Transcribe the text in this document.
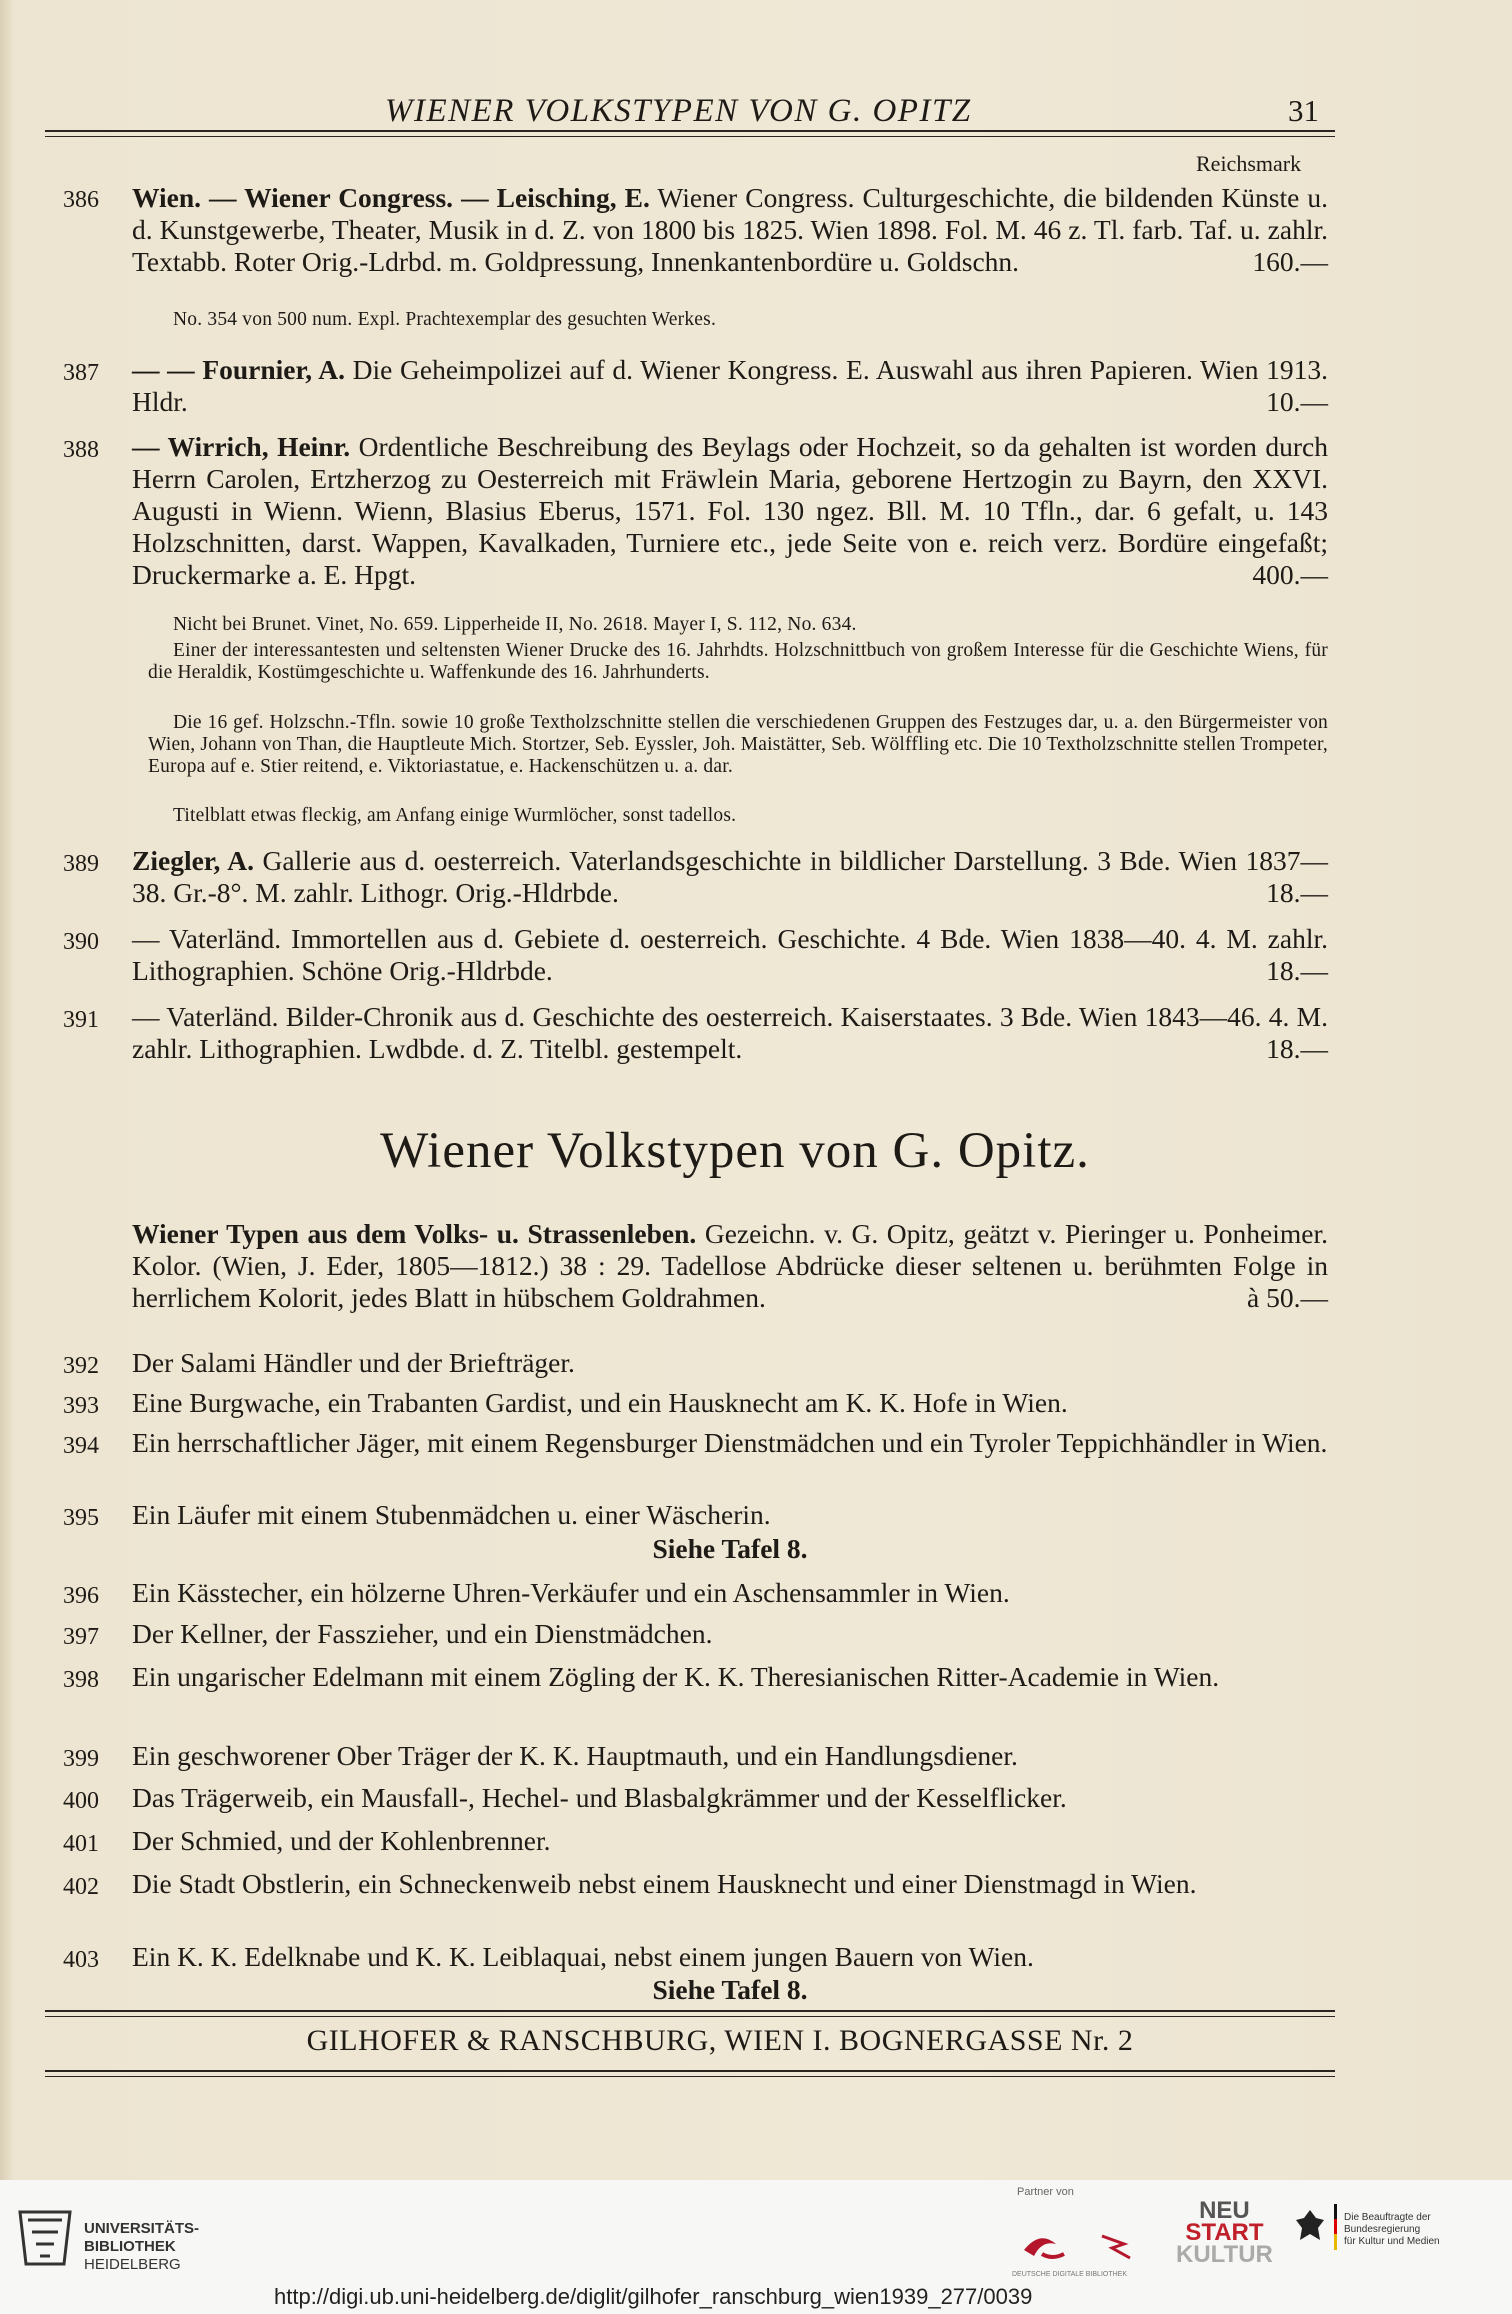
WIENER VOLKSTYPEN VON G. OPITZ	31
Reichsmark
386	Wien. — Wiener Congress. — Leisching, E. Wiener Congress. Culturgeschichte, die bildenden Künste u. d. Kunstgewerbe, Theater, Musik in d. Z. von 1800 bis 1825. Wien 1898. Fol. M. 46 z. Tl. farb. Taf. u. zahlr. Textabb. Roter Orig.-Ldrbd. m. Goldpressung, Innenkantenbordüre u. Goldschn.	160.—
No. 354 von 500 num. Expl. Prachtexemplar des gesuchten Werkes.
387	— — Fournier, A. Die Geheimpolizei auf d. Wiener Kongress. E. Auswahl aus ihren Papieren. Wien 1913. Hldr.	10.—
388	— Wirrich, Heinr. Ordentliche Beschreibung des Beylags oder Hochzeit, so da gehalten ist worden durch Herrn Carolen, Ertzherzog zu Oesterreich mit Fräwlein Maria, geborene Hertzogin zu Bayrn, den XXVI. Augusti in Wienn. Wienn, Blasius Eberus, 1571. Fol. 130 ngez. Bll. M. 10 Tfln., dar. 6 gefalt, u. 143 Holzschnitten, darst. Wappen, Kavalkaden, Turniere etc., jede Seite von e. reich verz. Bordüre eingefaßt; Druckermarke a. E. Hpgt.	400.—
Nicht bei Brunet. Vinet, No. 659. Lipperheide II, No. 2618. Mayer I, S. 112, No. 634.
Einer der interessantesten und seltensten Wiener Drucke des 16. Jahrhdts. Holzschnittbuch von großem Interesse für die Geschichte Wiens, für die Heraldik, Kostümgeschichte u. Waffenkunde des 16. Jahrhunderts.
Die 16 gef. Holzschn.-Tfln. sowie 10 große Textholzschnitte stellen die verschiedenen Gruppen des Festzuges dar, u. a. den Bürgermeister von Wien, Johann von Than, die Hauptleute Mich. Stortzer, Seb. Eyssler, Joh. Maistätter, Seb. Wölffling etc. Die 10 Textholzschnitte stellen Trompeter, Europa auf e. Stier reitend, e. Viktoriastatue, e. Hackenschützen u. a. dar.
Titelblatt etwas fleckig, am Anfang einige Wurmlöcher, sonst tadellos.
389	Ziegler, A. Gallerie aus d. oesterreich. Vaterlandsgeschichte in bildlicher Darstellung. 3 Bde. Wien 1837—38. Gr.-8°. M. zahlr. Lithogr. Orig.-Hldrbde.	18.—
390	— Vaterländ. Immortellen aus d. Gebiete d. oesterreich. Geschichte. 4 Bde. Wien 1838—40. 4. M. zahlr. Lithographien. Schöne Orig.-Hldrbde.	18.—
391	— Vaterländ. Bilder-Chronik aus d. Geschichte des oesterreich. Kaiserstaates. 3 Bde. Wien 1843—46. 4. M. zahlr. Lithographien. Lwdbde. d. Z. Titelbl. gestempelt.	18.—
Wiener Volkstypen von G. Opitz.
Wiener Typen aus dem Volks- u. Strassenleben. Gezeichn. v. G. Opitz, geätzt v. Pieringer u. Ponheimer. Kolor. (Wien, J. Eder, 1805—1812.) 38 : 29. Tadellose Abdrücke dieser seltenen u. berühmten Folge in herrlichem Kolorit, jedes Blatt in hübschem Goldrahmen.	à 50.—
392	Der Salami Händler und der Briefträger.
393	Eine Burgwache, ein Trabanten Gardist, und ein Hausknecht am K. K. Hofe in Wien.
394	Ein herrschaftlicher Jäger, mit einem Regensburger Dienstmädchen und ein Tyroler Teppichhändler in Wien.
395	Ein Läufer mit einem Stubenmädchen u. einer Wäscherin.
Siehe Tafel 8.
396	Ein Kässtecher, ein hölzerne Uhren-Verkäufer und ein Aschensammler in Wien.
397	Der Kellner, der Fasszieher, und ein Dienstmädchen.
398	Ein ungarischer Edelmann mit einem Zögling der K. K. Theresianischen Ritter-Academie in Wien.
399	Ein geschworener Ober Träger der K. K. Hauptmauth, und ein Handlungsdiener.
400	Das Trägerweib, ein Mausfall-, Hechel- und Blasbalgkrämmer und der Kesselflicker.
401	Der Schmied, und der Kohlenbrenner.
402	Die Stadt Obstlerin, ein Schneckenweib nebst einem Hausknecht und einer Dienstmagd in Wien.
403	Ein K. K. Edelknabe und K. K. Leiblaquai, nebst einem jungen Bauern von Wien.
Siehe Tafel 8.
GILHOFER & RANSCHBURG, WIEN I. BOGNERGASSE Nr. 2
UNIVERSITÄTS-
BIBLIOTHEK
HEIDELBERG
Partner von
DEUTSCHE DIGITALE BIBLIOTHEK
NEU
START
KULTUR
Die Beauftragte der Bundesregierung
für Kultur und Medien
http://digi.ub.uni-heidelberg.de/diglit/gilhofer_ranschburg_wien1939_277/0039
